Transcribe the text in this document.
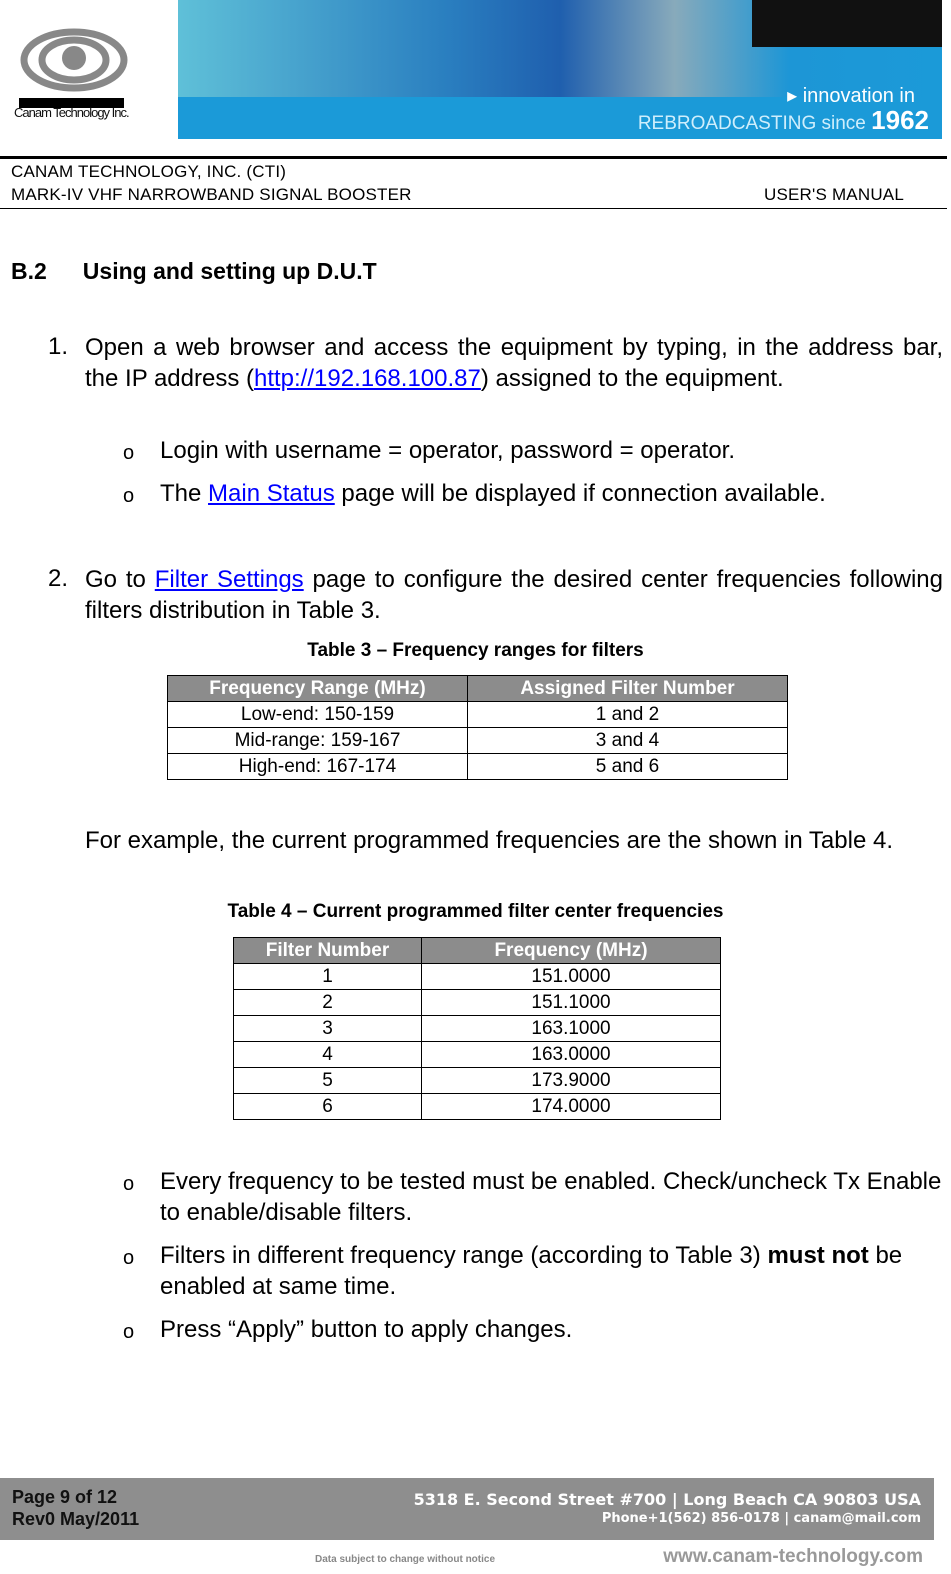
▸ innovation in
REBROADCASTING since 1962
Canam Technology Inc.
CANAM TECHNOLOGY, INC. (CTI)
MARK-IV VHF NARROWBAND SIGNAL BOOSTER	USER'S MANUAL
B.2 Using and setting up D.U.T
1. Open a web browser and access the equipment by typing, in the address bar, the IP address (http://192.168.100.87) assigned to the equipment.
o Login with username = operator, password = operator.
o The Main Status page will be displayed if connection available.
2. Go to Filter Settings page to configure the desired center frequencies following filters distribution in Table 3.
Table 3 – Frequency ranges for filters
Frequency Range (MHz)	Assigned Filter Number
Low-end: 150-159	1 and 2
Mid-range: 159-167	3 and 4
High-end: 167-174	5 and 6
For example, the current programmed frequencies are the shown in Table 4.
Table 4 – Current programmed filter center frequencies
Filter Number	Frequency (MHz)
1	151.0000
2	151.1000
3	163.1000
4	163.0000
5	173.9000
6	174.0000
o Every frequency to be tested must be enabled. Check/uncheck Tx Enable to enable/disable filters.
o Filters in different frequency range (according to Table 3) must not be enabled at same time.
o Press “Apply” button to apply changes.
Page 9 of 12
Rev0 May/2011
5318 E. Second Street #700 | Long Beach CA 90803 USA
Phone+1(562) 856-0178 | canam@mail.com
Data subject to change without notice	www.canam-technology.com
